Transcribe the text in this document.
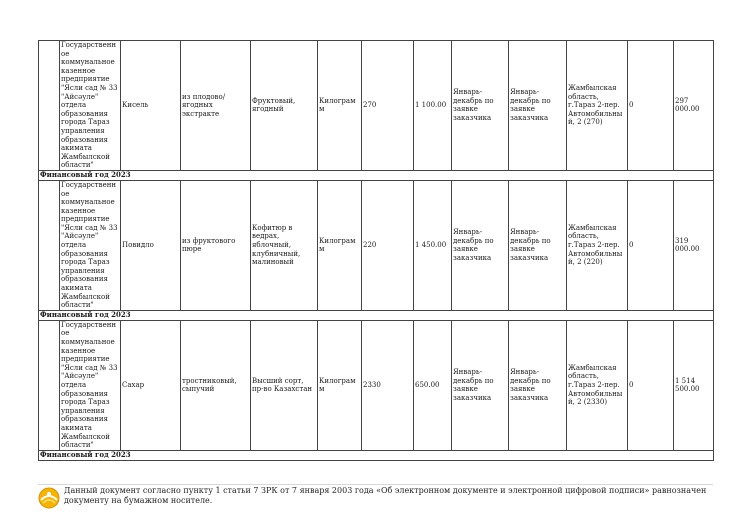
	Государственное коммунальное казенное предприятие "Ясли сад № 33 "Айсәуле" отдела образования города Тараз управления образования акимата Жамбылской области"	Кисель	из плодово/ ягодных экстракте	Фруктовый, ягодный	Килограмм	270	1 100.00	Январь-декабрь по заявке заказчика	Январь-декабрь по заявке заказчика	Жамбылская область, г.Тараз 2-пер. Автомобильный, 2 (270)	0	297 000.00
Финансовый год 2023												
	Государственное коммунальное казенное предприятие "Ясли сад № 33 "Айсәуле" отдела образования города Тараз управления образования акимата Жамбылской области"	Повидло	из фруктового пюре	Кофитюр в ведрах, яблочный, клубничный, малиновый	Килограмм	220	1 450.00	Январь-декабрь по заявке заказчика	Январь-декабрь по заявке заказчика	Жамбылская область, г.Тараз 2-пер. Автомобильный, 2 (220)	0	319 000.00
Финансовый год 2023												
	Государственное коммунальное казенное предприятие "Ясли сад № 33 "Айсәуле" отдела образования города Тараз управления образования акимата Жамбылской области"	Сахар	тростниковый, сыпучий	Высший сорт, пр-во Казахстан	Килограмм	2330	650.00	Январь-декабрь по заявке заказчика	Январь-декабрь по заявке заказчика	Жамбылская область, г.Тараз 2-пер. Автомобильный, 2 (2330)	0	1 514 500.00
Финансовый год 2023												
Данный документ согласно пункту 1 статьи 7 ЗРК от 7 января 2003 года «Об электронном документе и электронной цифровой подписи» равнозначен документу на бумажном носителе.
